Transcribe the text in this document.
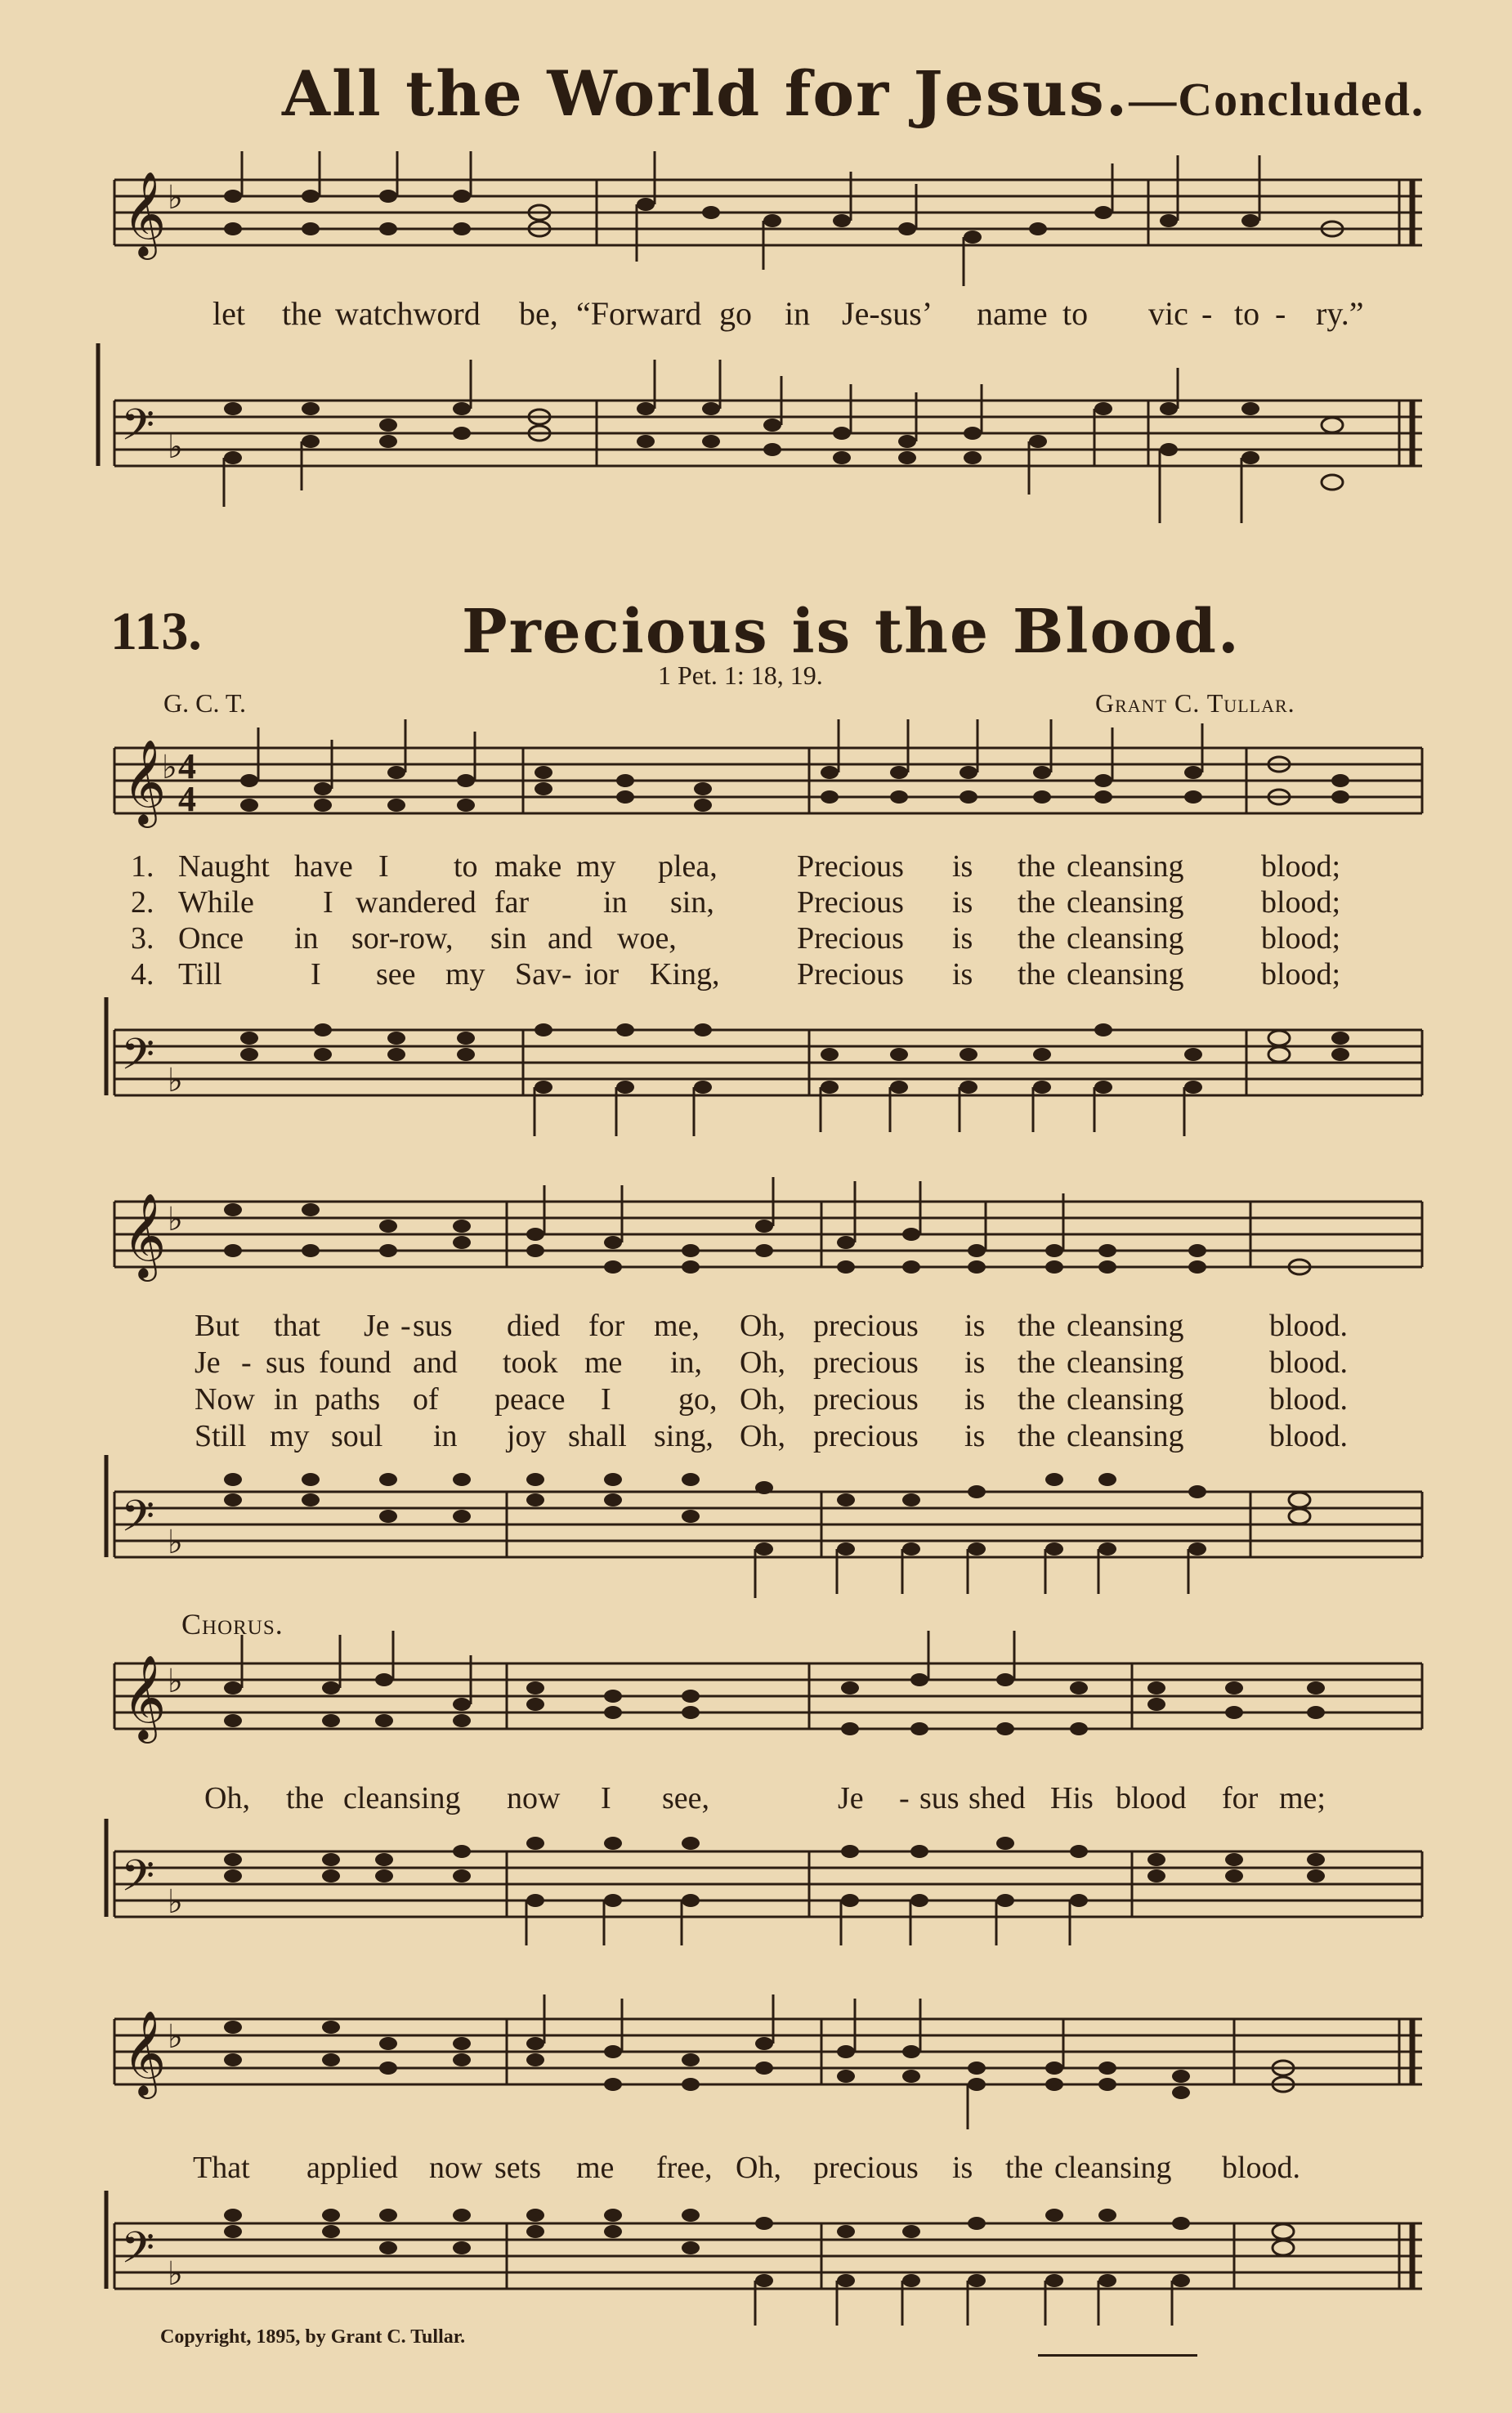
All the World for Jesus.—Concluded.
𝄞 ♭
let the watchword be, “Forward go in Je-sus’ name to vic - to - ry.”
𝄢 ♭
113.	Precious is the Blood.
1 Pet. 1: 18, 19.
G. C. T.	Grant C. Tullar.
𝄞
♭ 4
4
1. Naught have I to make my plea,	Precious is the cleansing blood;
2. While I wandered far in sin,	Precious is the cleansing blood;
3. Once in sor-row, sin and woe,	Precious is the cleansing blood;
4. Till	I see my Sav- ior King, Precious is the cleansing blood;
𝄢 ♭
𝄞 ♭
But that Je - sus died for me, Oh, precious is the cleansing	blood.
Je - sus found and took me in, Oh, precious is the cleansing	blood.
Now in paths of peace I go, Oh, precious is the cleansing	blood.
Still my soul in joy shall sing, Oh, precious is the cleansing	blood.
𝄢 ♭
Chorus.
𝄞 ♭
Oh, the cleansing now I see,	Je - sus shed His blood for me;
𝄢 ♭
𝄞 ♭
That applied now sets me free, Oh, precious is the cleansing blood.
𝄢 ♭
Copyright, 1895, by Grant C. Tullar.
